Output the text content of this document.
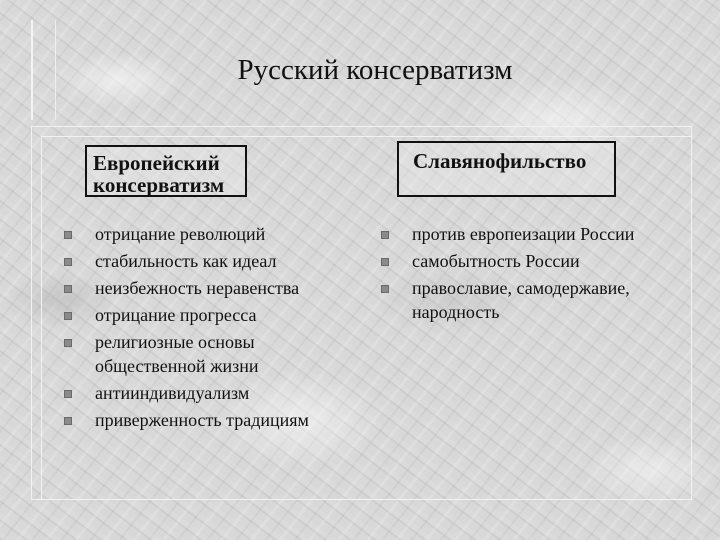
Русский консерватизм
Европейский консерватизм
Славянофильство
отрицание революций
стабильность как идеал
неизбежность неравенства
отрицание прогресса
религиозные основы общественной жизни
антииндивидуализм
приверженность традициям
против европеизации России
самобытность России
православие, самодержавие, народность
